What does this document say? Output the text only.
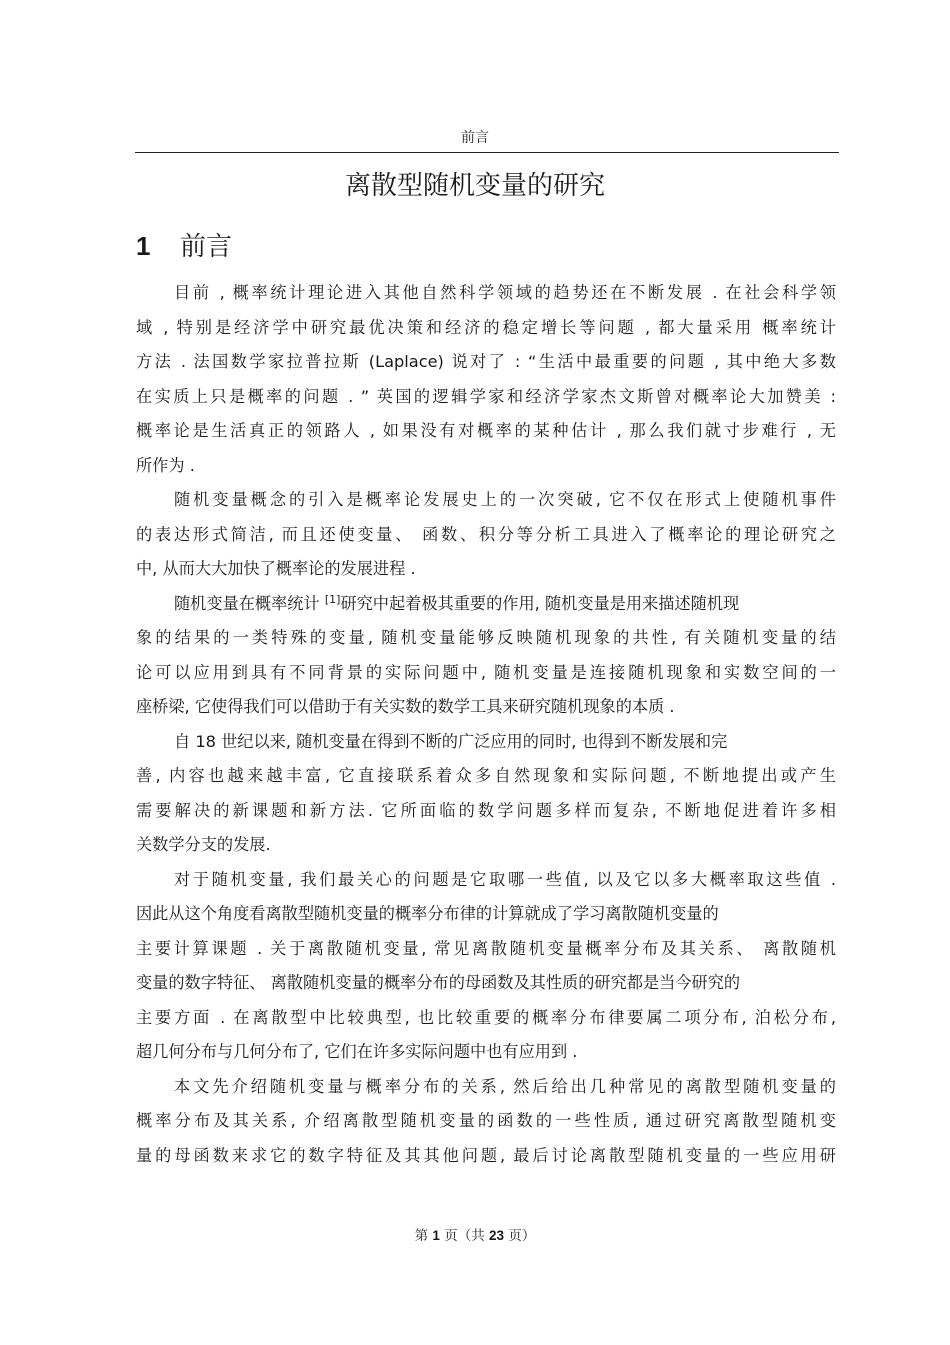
前言
离散型随机变量的研究
1 前言
目前 , 概率统计理论进入其他自然科学领域的趋势还在不断发展 . 在社会科学领
域 , 特别是经济学中研究最优决策和经济的稳定增长等问题 , 都大量采用 概率统计
方法 . 法国数学家拉普拉斯 (Laplace) 说对了 : “生活中最重要的问题 , 其中绝大多数
在实质上只是概率的问题 . ” 英国的逻辑学家和经济学家杰文斯曾对概率论大加赞美 :
概率论是生活真正的领路人 , 如果没有对概率的某种估计 , 那么我们就寸步难行 , 无
所作为 .
随机变量概念的引入是概率论发展史上的一次突破, 它不仅在形式上使随机事件
的表达形式简洁, 而且还使变量、 函数、积分等分析工具进入了概率论的理论研究之
中, 从而大大加快了概率论的发展进程 .
随机变量在概率统计 [1]研究中起着极其重要的作用, 随机变量是用来描述随机现
象的结果的一类特殊的变量, 随机变量能够反映随机现象的共性, 有关随机变量的结
论可以应用到具有不同背景的实际问题中, 随机变量是连接随机现象和实数空间的一
座桥梁, 它使得我们可以借助于有关实数的数学工具来研究随机现象的本质 .
自 18 世纪以来, 随机变量在得到不断的广泛应用的同时, 也得到不断发展和完
善, 内容也越来越丰富, 它直接联系着众多自然现象和实际问题, 不断地提出或产生
需要解决的新课题和新方法. 它所面临的数学问题多样而复杂, 不断地促进着许多相
关数学分支的发展.
对于随机变量, 我们最关心的问题是它取哪一些值, 以及它以多大概率取这些值 .
因此从这个角度看离散型随机变量的概率分布律的计算就成了学习离散随机变量的
主要计算课题 . 关于离散随机变量, 常见离散随机变量概率分布及其关系、 离散随机
变量的数字特征、 离散随机变量的概率分布的母函数及其性质的研究都是当今研究的
主要方面 . 在离散型中比较典型, 也比较重要的概率分布律要属二项分布, 泊松分布,
超几何分布与几何分布了, 它们在许多实际问题中也有应用到 .
本文先介绍随机变量与概率分布的关系, 然后给出几种常见的离散型随机变量的
概率分布及其关系, 介绍离散型随机变量的函数的一些性质, 通过研究离散型随机变
量的母函数来求它的数字特征及其其他问题, 最后讨论离散型随机变量的一些应用研
第 1 页（共 23 页）
